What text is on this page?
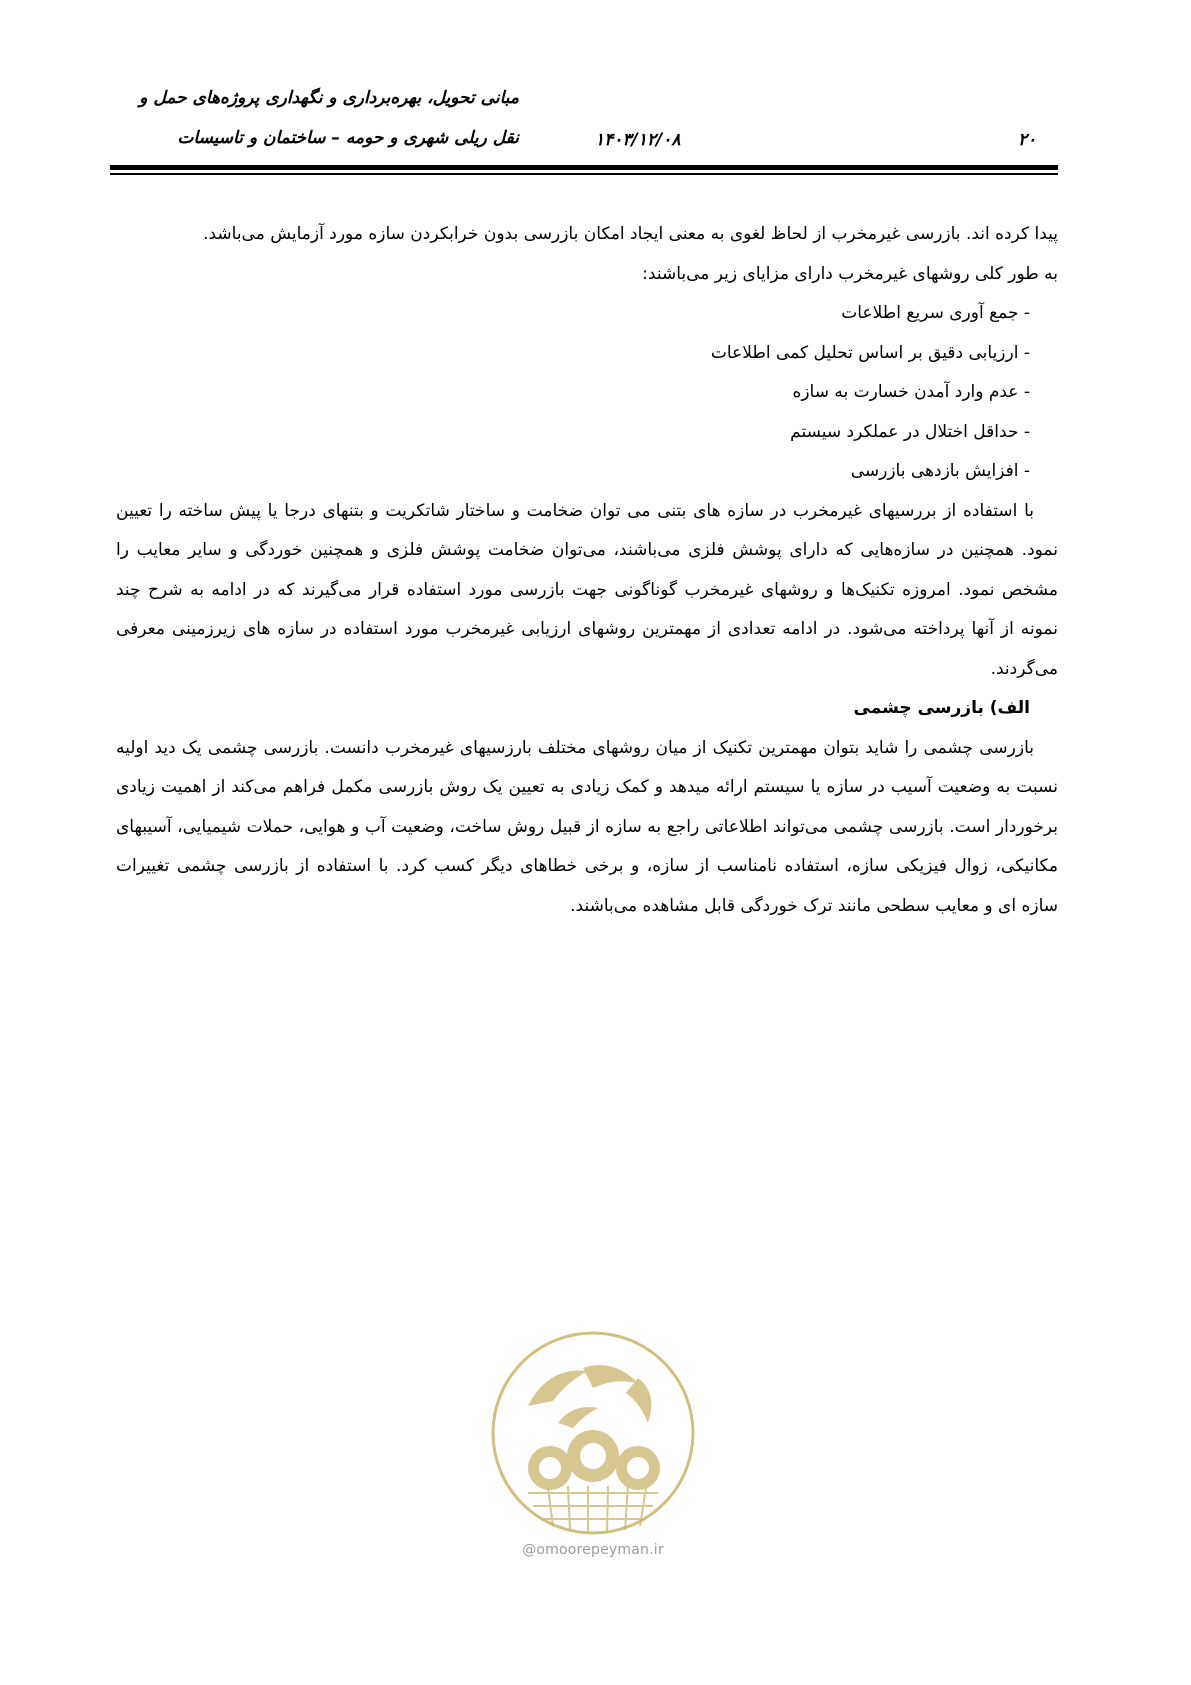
مبانی تحویل، بهره‌برداری و نگهداری پروژه‌های حمل و
نقل ریلی شهری و حومه – ساختمان و تاسیسات	۱۴۰۳/۱۲/۰۸	۲۰

پیدا کرده اند. بازرسی غیرمخرب از لحاظ لغوی به معنی ایجاد امکان بازرسی بدون خرابکردن سازه مورد آزمایش می‌باشد.

به طور کلی روشهای غیرمخرب دارای مزایای زیر می‌باشند:

- جمع آوری سریع اطلاعات
- ارزیابی دقیق بر اساس تحلیل کمی اطلاعات
- عدم وارد آمدن خسارت به سازه
- حداقل اختلال در عملکرد سیستم
- افزایش بازدهی بازرسی

با استفاده از بررسیهای غیرمخرب در سازه های بتنی می توان ضخامت و ساختار شاتکریت و بتنهای درجا یا پیش ساخته را تعیین نمود. همچنین در سازه‌هایی که دارای پوشش فلزی می‌باشند، می‌توان ضخامت پوشش فلزی و همچنین خوردگی و سایر معایب را مشخص نمود. امروزه تکنیک‌ها و روشهای غیرمخرب گوناگونی جهت بازرسی مورد استفاده قرار می‌گیرند که در ادامه به شرح چند نمونه از آنها پرداخته می‌شود. در ادامه تعدادی از مهمترین روشهای ارزیابی غیرمخرب مورد استفاده در سازه های زیرزمینی معرفی می‌گردند.

الف) بازرسی چشمی

بازرسی چشمی را شاید بتوان مهمترین تکنیک از میان روشهای مختلف بارزسیهای غیرمخرب دانست. بازرسی چشمی یک دید اولیه نسبت به وضعیت آسیب در سازه یا سیستم ارائه میدهد و کمک زیادی به تعیین یک روش بازرسی مکمل فراهم می‌کند از اهمیت زیادی برخوردار است. بازرسی چشمی می‌تواند اطلاعاتی راجع به سازه از قبیل روش ساخت، وضعیت آب و هوایی، حملات شیمیایی، آسیبهای مکانیکی، زوال فیزیکی سازه، استفاده نامناسب از سازه، و برخی خطاهای دیگر کسب کرد. با استفاده از بازرسی چشمی تغییرات سازه ای و معایب سطحی مانند ترک خوردگی قابل مشاهده می‌باشند.

@omoorepeyman.ir
